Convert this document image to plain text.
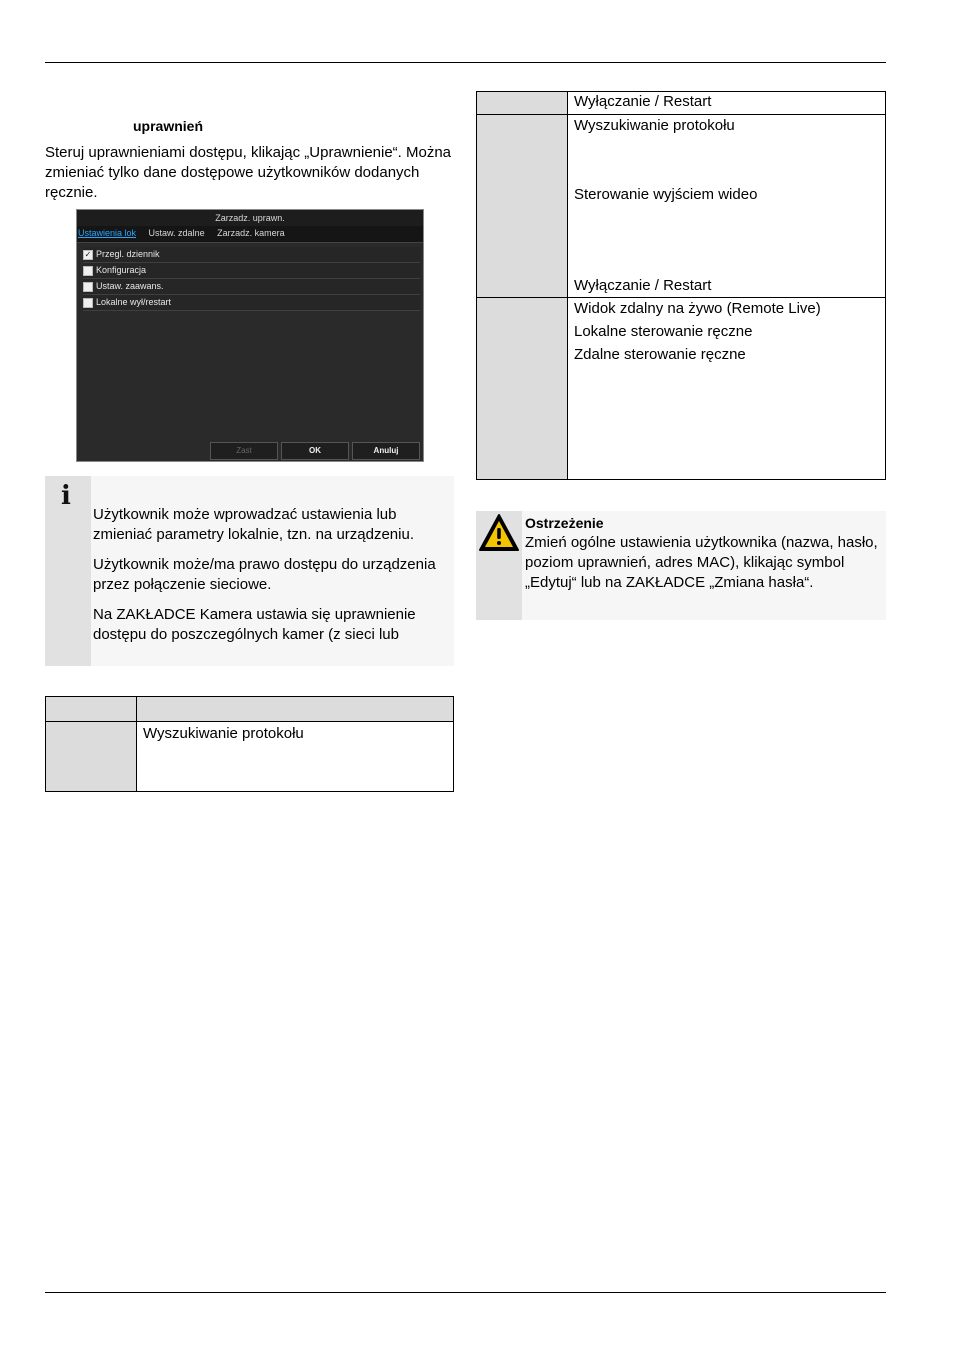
uprawnień
Steruj uprawnieniami dostępu, klikając „Uprawnienie“. Można zmieniać tylko dane dostępowe użytkowników dodanych ręcznie.
Zarzadz. uprawn.
Ustawienia lok Ustaw. zdalne Zarzadz. kamera
✓ Przegl. dziennik
Konfiguracja
Ustaw. zaawans.
Lokalne wył/restart
Zast	OK	Anuluj
i

Użytkownik może wprowadzać ustawienia lub zmieniać parametry lokalnie, tzn. na urządzeniu.

Użytkownik może/ma prawo dostępu do urządzenia przez połączenie sieciowe.

Na ZAKŁADCE Kamera ustawia się uprawnienie dostępu do poszczególnych kamer (z sieci lub

	Wyszukiwanie protokołu

	Wyłączanie / Restart

	Wyszukiwanie protokołu
Sterowanie wyjściem wideo
Wyłączanie / Restart

	Widok zdalny na żywo (Remote Live)
Lokalne sterowanie ręczne
Zdalne sterowanie ręczne
Ostrzeżenie
Zmień ogólne ustawienia użytkownika (nazwa, hasło, poziom uprawnień, adres MAC), klikając symbol „Edytuj“ lub na ZAKŁADCE „Zmiana hasła“.
